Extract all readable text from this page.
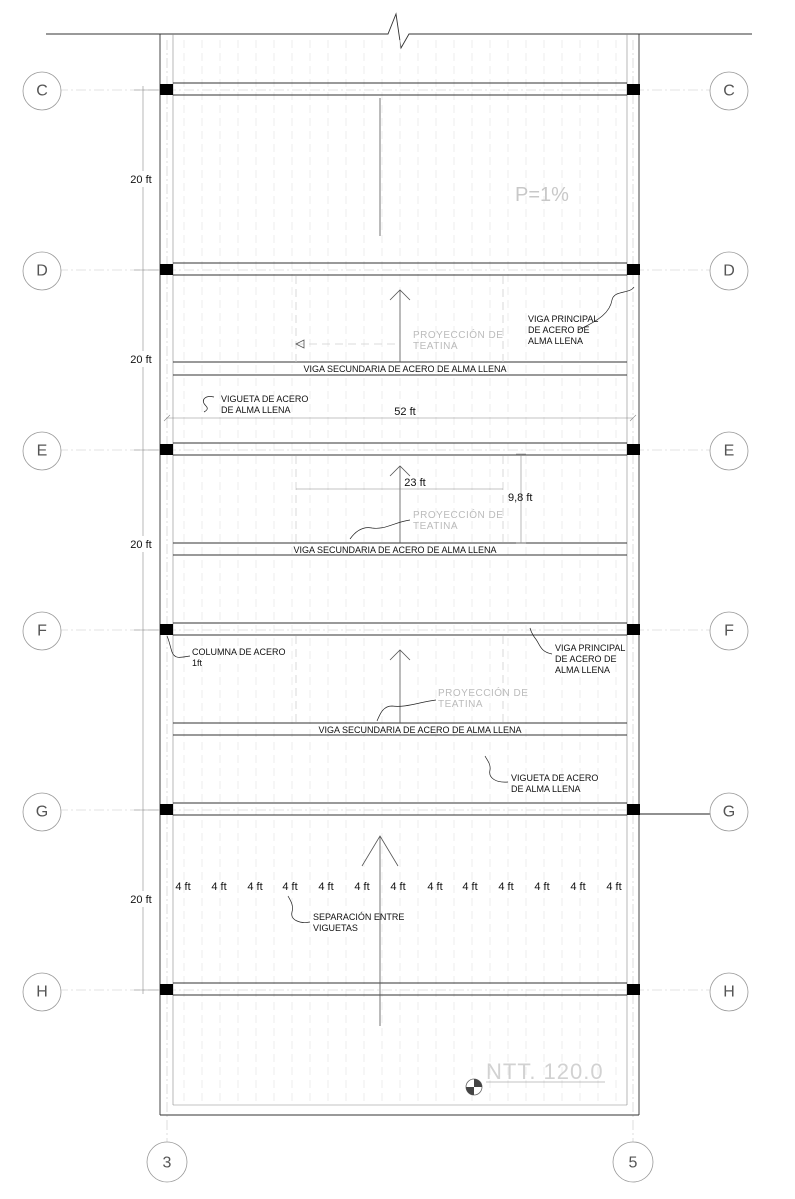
20 ft
20 ft
20 ft
20 ft
52 ft
23 ft
9,8 ft
P=1%
VIGA PRINCIPAL
DE ACERO DE
ALMA LLENA
PROYECCIÓN DE
TEATINA
VIGA SECUNDARIA DE ACERO DE ALMA LLENA
VIGUETA DE ACERO
DE ALMA LLENA
PROYECCIÓN DE
TEATINA
VIGA SECUNDARIA DE ACERO DE ALMA LLENA
COLUMNA DE ACERO
1ft
VIGA PRINCIPAL
DE ACERO DE
ALMA LLENA
PROYECCIÓN DE
TEATINA
VIGA SECUNDARIA DE ACERO DE ALMA LLENA
VIGUETA DE ACERO
DE ALMA LLENA
4 ft 4 ft 4 ft 4 ft 4 ft 4 ft 4 ft 4 ft 4 ft 4 ft 4 ft 4 ft 4 ft
SEPARACIÓN ENTRE
VIGUETAS
NTT. 120.0
C	C
D	D
E	E
F	F
G	G
H	H
3	5
